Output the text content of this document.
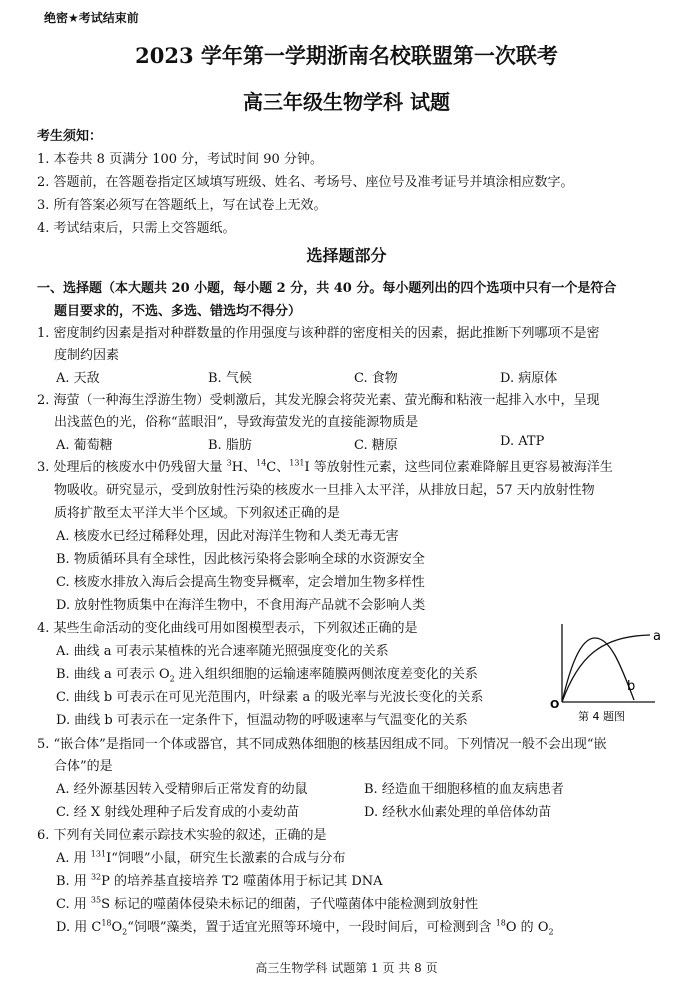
绝密★考试结束前
2023 学年第一学期浙南名校联盟第一次联考
高三年级生物学科 试题
考生须知：
1. 本卷共 8 页满分 100 分，考试时间 90 分钟。
2. 答题前，在答题卷指定区域填写班级、姓名、考场号、座位号及准考证号并填涂相应数字。
3. 所有答案必须写在答题纸上，写在试卷上无效。
4. 考试结束后，只需上交答题纸。
选择题部分
一、选择题（本大题共 20 小题，每小题 2 分，共 40 分。每小题列出的四个选项中只有一个是符合
题目要求的，不选、多选、错选均不得分）
1. 密度制约因素是指对种群数量的作用强度与该种群的密度相关的因素，据此推断下列哪项不是密
度制约因素
A. 天敌	B. 气候	C. 食物	D. 病原体
2. 海萤（一种海生浮游生物）受刺激后，其发光腺会将荧光素、萤光酶和粘液一起排入水中，呈现
出浅蓝色的光，俗称“蓝眼泪”，导致海萤发光的直接能源物质是
A. 葡萄糖	B. 脂肪	C. 糖原	D. ATP
3. 处理后的核废水中仍残留大量 $^3$H、$^{14}$C、$^{131}$I 等放射性元素，这些同位素难降解且更容易被海洋生
物吸收。研究显示，受到放射性污染的核废水一旦排入太平洋，从排放日起，57 天内放射性物
质将扩散至太平洋大半个区域。下列叙述正确的是
A. 核废水已经过稀释处理，因此对海洋生物和人类无毒无害
B. 物质循环具有全球性，因此核污染将会影响全球的水资源安全
C. 核废水排放入海后会提高生物变异概率，定会增加生物多样性
D. 放射性物质集中在海洋生物中，不食用海产品就不会影响人类
4. 某些生命活动的变化曲线可用如图模型表示，下列叙述正确的是
A. 曲线 a 可表示某植株的光合速率随光照强度变化的关系
B. 曲线 a 可表示 $O_2$ 进入组织细胞的运输速率随膜两侧浓度差变化的关系
C. 曲线 b 可表示在可见光范围内，叶绿素 a 的吸光率与光波长变化的关系
D. 曲线 b 可表示在一定条件下，恒温动物的呼吸速率与气温变化的关系
a
b
O
第 4 题图
5. “嵌合体”是指同一个体或器官，其不同成熟体细胞的核基因组成不同。下列情况一般不会出现“嵌
合体”的是
A. 经外源基因转入受精卵后正常发育的幼鼠	B. 经造血干细胞移植的血友病患者
C. 经 X 射线处理种子后发育成的小麦幼苗	D. 经秋水仙素处理的单倍体幼苗
6. 下列有关同位素示踪技术实验的叙述，正确的是
A. 用 $^{131}$I“饲喂”小鼠，研究生长激素的合成与分布
B. 用 $^{32}$P 的培养基直接培养 T2 噬菌体用于标记其 DNA
C. 用 $^{35}$S 标记的噬菌体侵染未标记的细菌，子代噬菌体中能检测到放射性
D. 用 $C^{18}O_2“$饲喂”藻类，置于适宜光照等环境中，一段时间后，可检测到含 $^{18}$O 的 $O_2$
高三生物学科 试题第 1 页 共 8 页
